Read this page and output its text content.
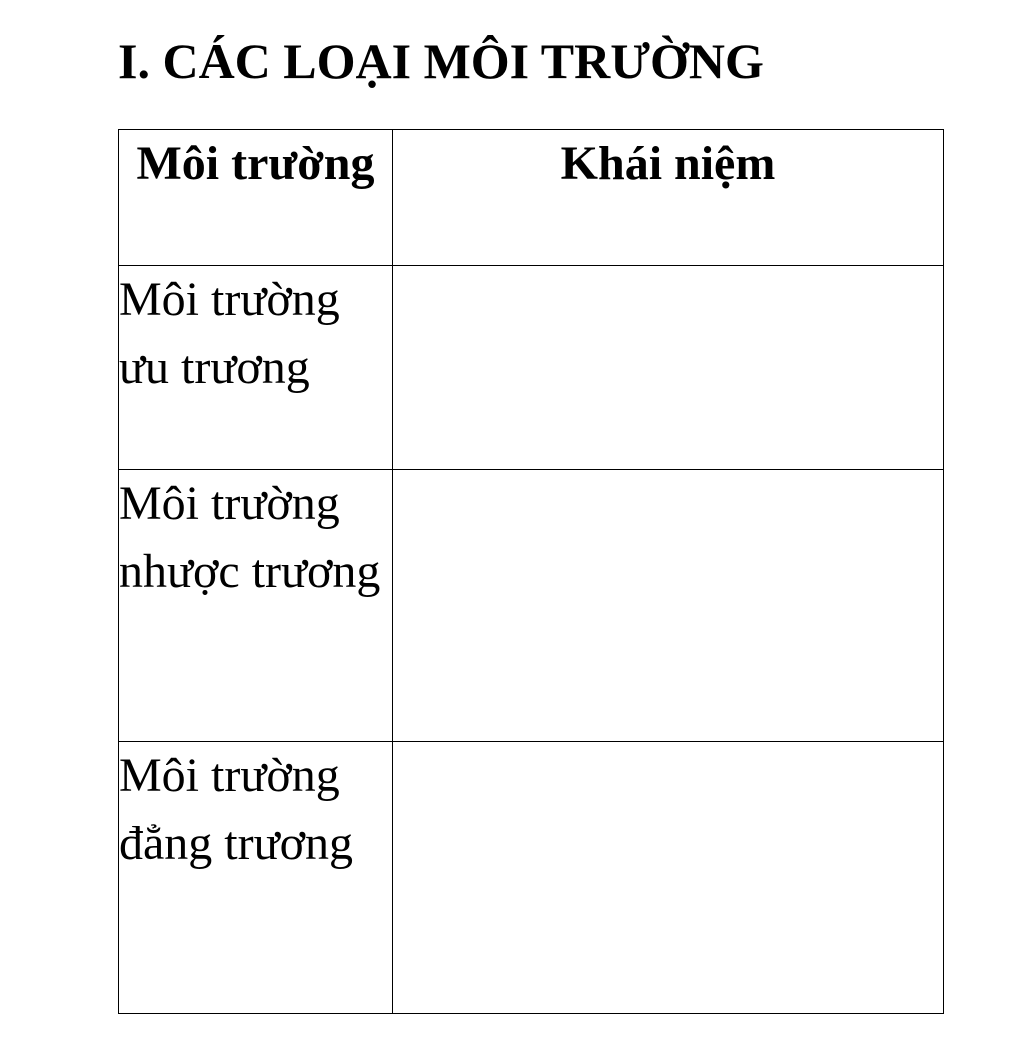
I. CÁC LOẠI MÔI TRƯỜNG
Môi trường	Khái niệm
Môi trường ưu trương	
Môi trường nhược trương	
Môi trường đẳng trương	
